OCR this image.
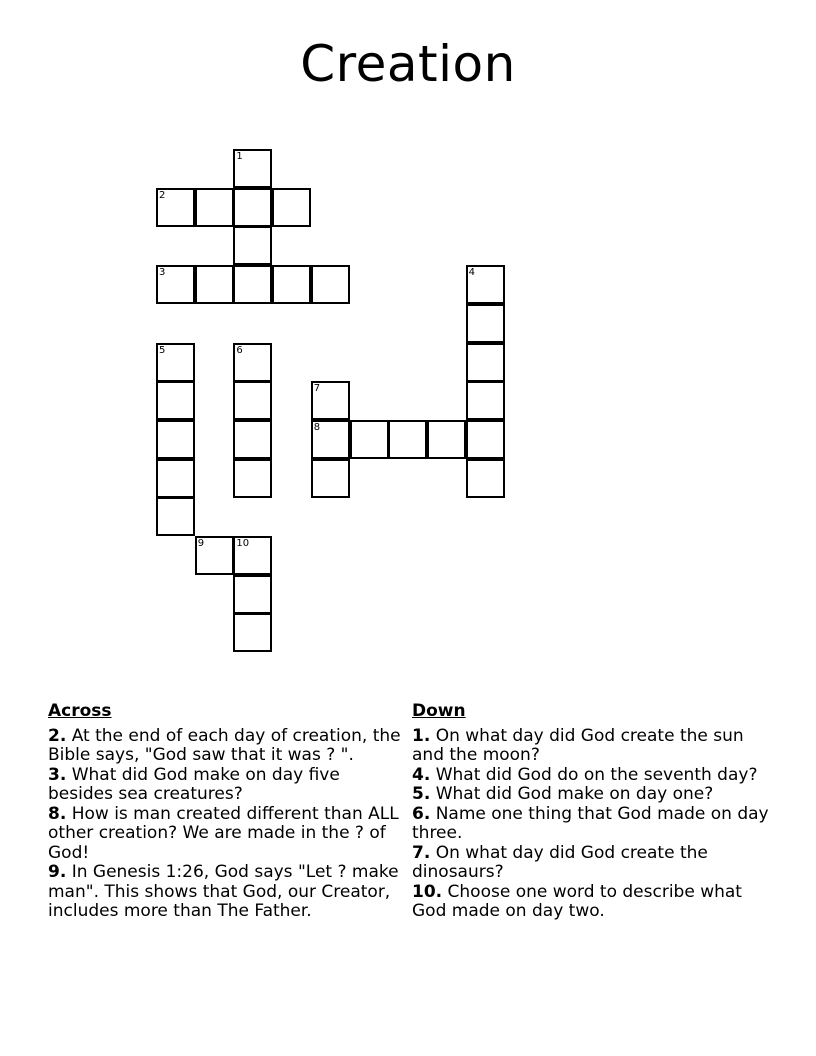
Creation
1
2
3	4
5	6
7
8
9	10
Across
2. At the end of each day of creation, the Bible says, "God saw that it was ? ".
3. What did God make on day five besides sea creatures?
8. How is man created different than ALL other creation? We are made in the ? of God!
9. In Genesis 1:26, God says "Let ? make man". This shows that God, our Creator, includes more than The Father.
Down
1. On what day did God create the sun and the moon?
4. What did God do on the seventh day?
5. What did God make on day one?
6. Name one thing that God made on day three.
7. On what day did God create the dinosaurs?
10. Choose one word to describe what God made on day two.
